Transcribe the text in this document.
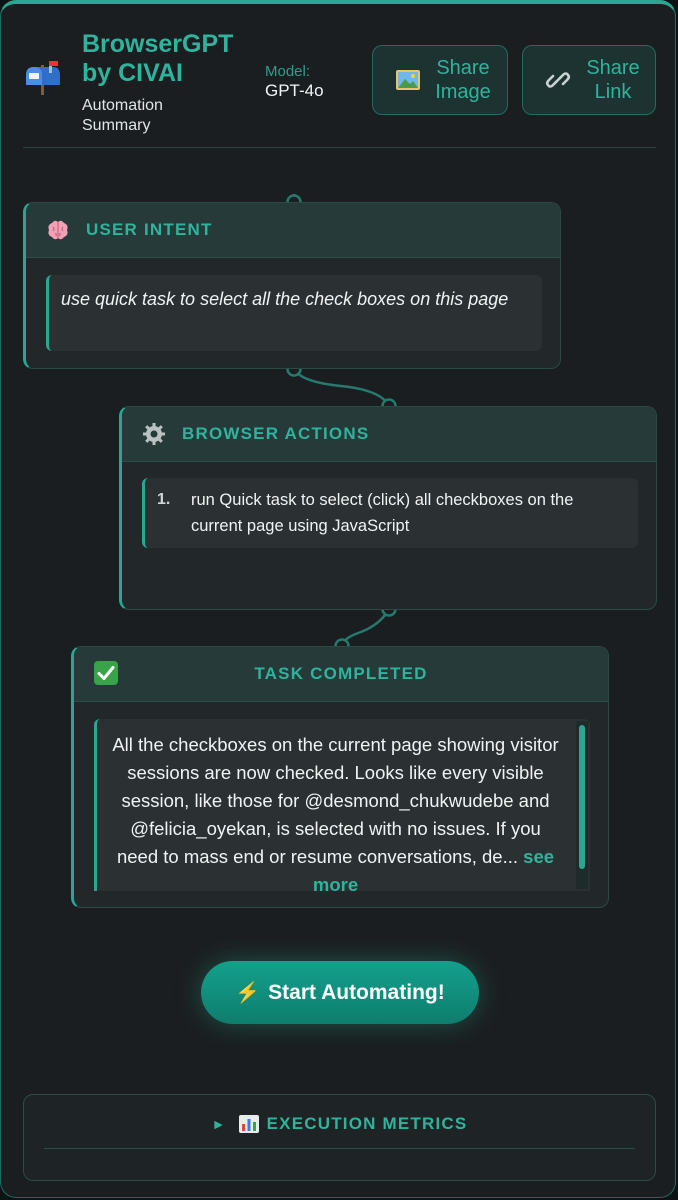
BrowserGPT by CIVAI
Automation Summary
Model:
GPT-4o
Share Image
Share Link
USER INTENT
use quick task to select all the check boxes on this page
BROWSER ACTIONS
1.	run Quick task to select (click) all checkboxes on the current page using JavaScript
TASK COMPLETED
All the checkboxes on the current page showing visitor sessions are now checked. Looks like every visible session, like those for @desmond_chukwudebe and @felicia_oyekan, is selected with no issues. If you need to mass end or resume conversations, de... see more
⚡ Start Automating!
► EXECUTION METRICS
